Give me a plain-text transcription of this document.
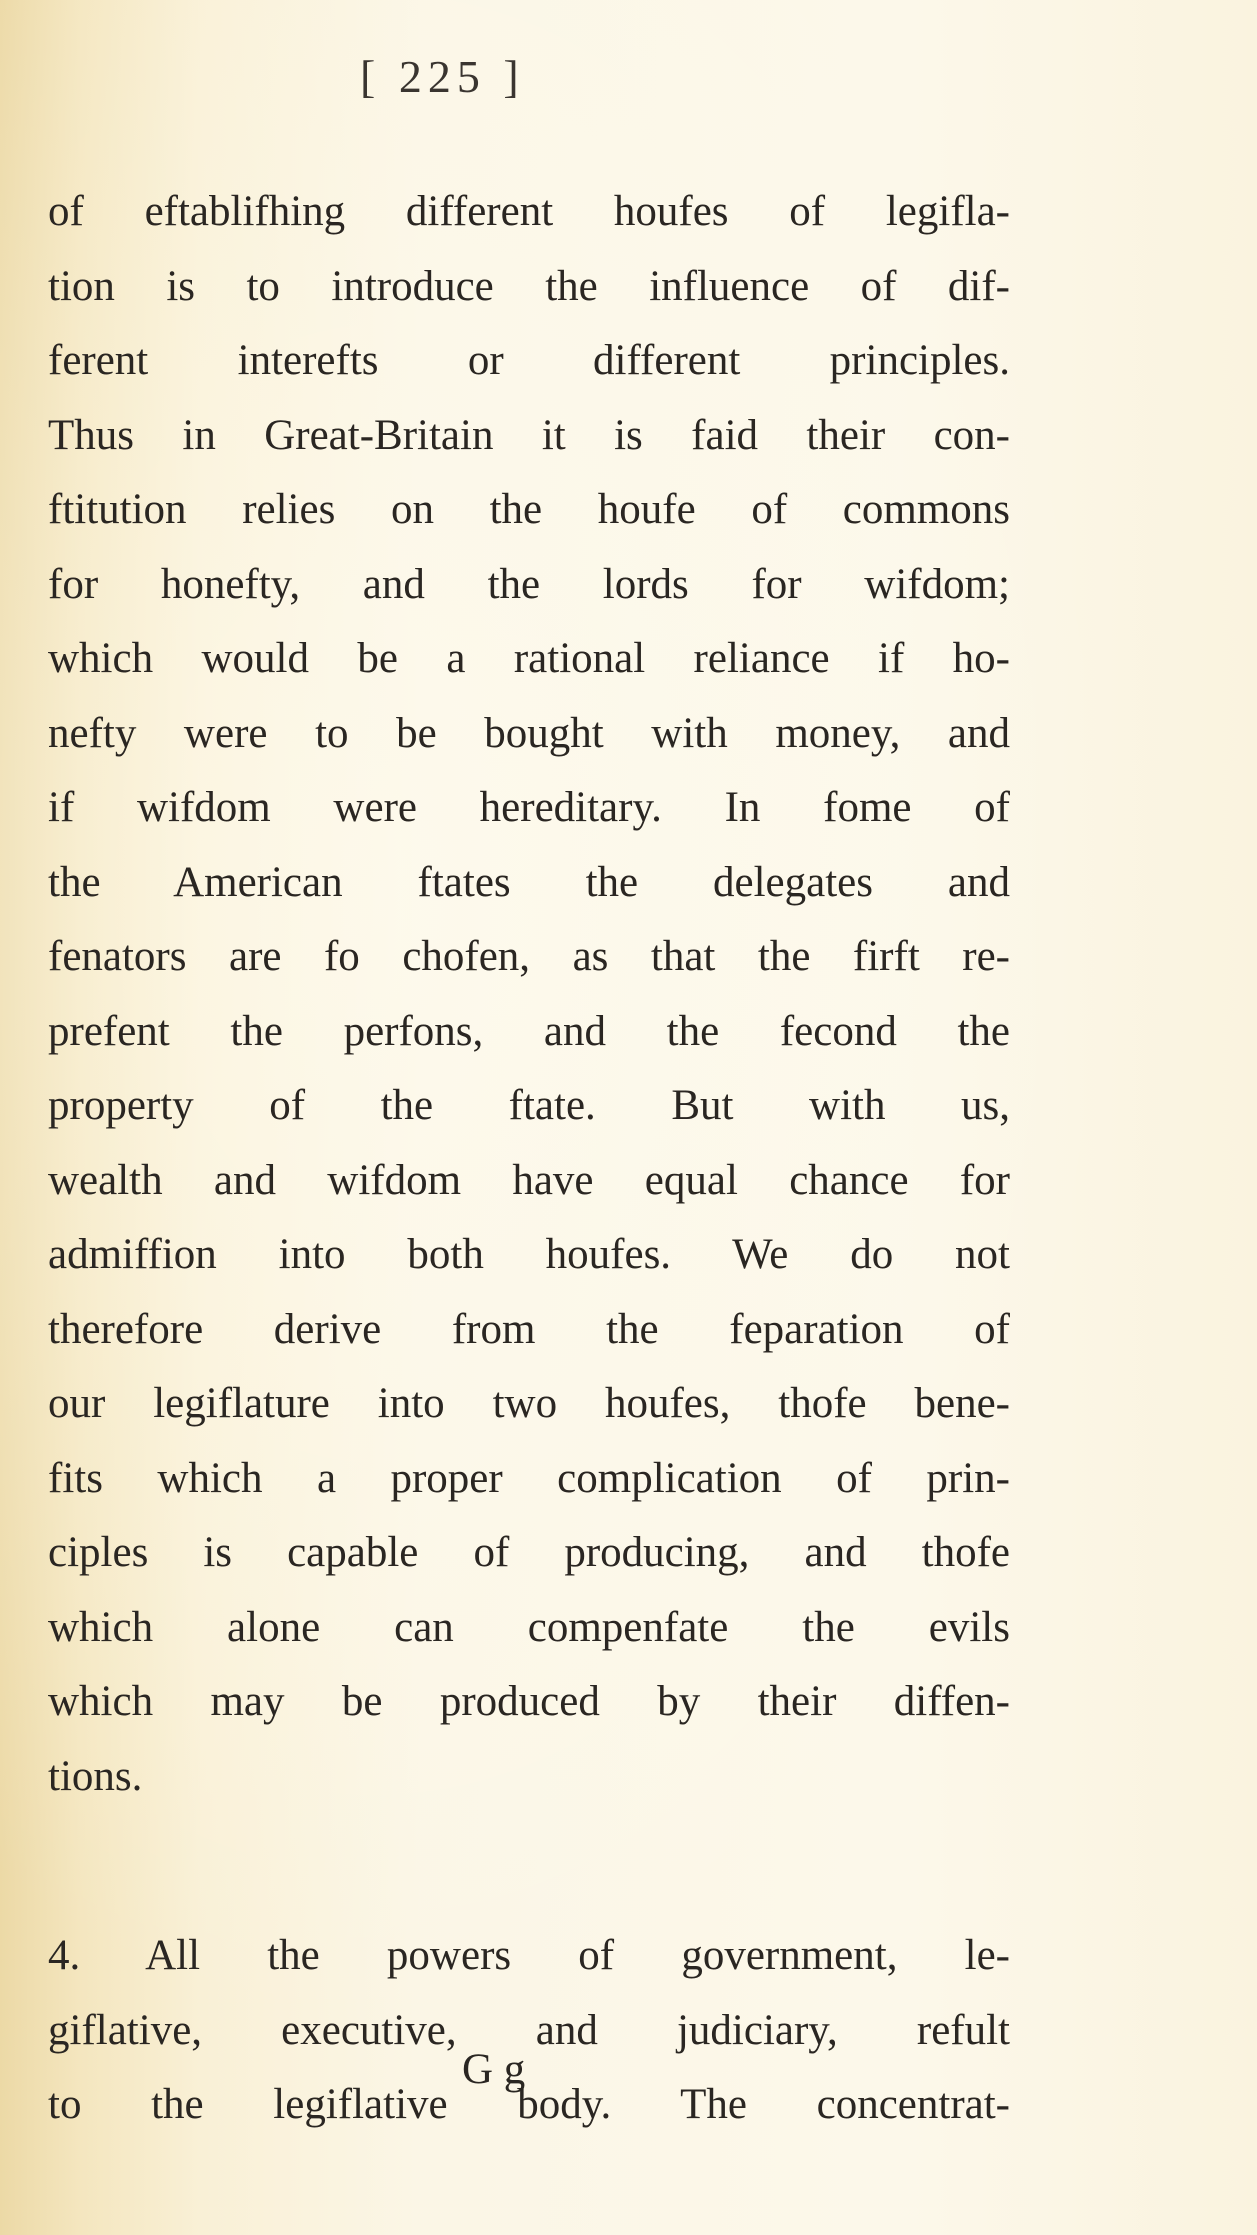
[ 225 ]
of eftablifhing different houfes of legifla-
tion is to introduce the influence of dif-
ferent interefts or different principles.
Thus in Great-Britain it is faid their con-
ftitution relies on the houfe of commons
for honefty, and the lords for wifdom;
which would be a rational reliance if ho-
nefty were to be bought with money, and
if wifdom were hereditary. In fome of
the American ftates the delegates and
fenators are fo chofen, as that the firft re-
prefent the perfons, and the fecond the
property of the ftate. But with us,
wealth and wifdom have equal chance for
admiffion into both houfes. We do not
therefore derive from the feparation of
our legiflature into two houfes, thofe bene-
fits which a proper complication of prin-
ciples is capable of producing, and thofe
which alone can compenfate the evils
which may be produced by their diffen-
tions.
4. All the powers of government, le-
giflative, executive, and judiciary, refult
to the legiflative body. The concentrat-
G g
